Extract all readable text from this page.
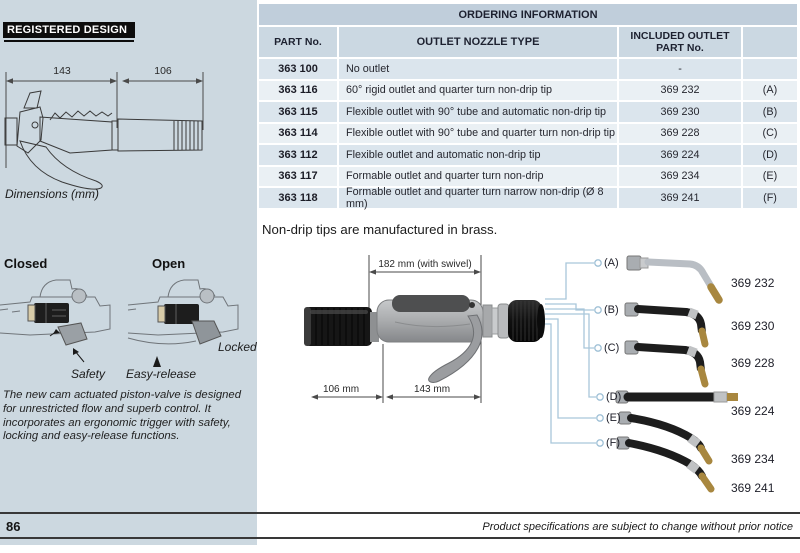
REGISTERED DESIGN
143	106
Dimensions (mm)
Closed	Open
Locked
Safety Easy-release
The new cam actuated piston-valve is designed for unrestricted flow and superb control. It incorporates an ergonomic trigger with safety, locking and easy-release functions.
ORDERING INFORMATION
PART No.	OUTLET NOZZLE TYPE	INCLUDED OUTLET PART No.
363 100	No outlet	-
363 116	60° rigid outlet and quarter turn non-drip tip	369 232	(A)
363 115	Flexible outlet with 90° tube and automatic non-drip tip	369 230	(B)
363 114	Flexible outlet with 90° tube and quarter turn non-drip tip	369 228	(C)
363 112	Flexible outlet and automatic non-drip tip	369 224	(D)
363 117	Formable outlet and quarter turn non-drip	369 234	(E)
363 118	Formable outlet and quarter turn narrow non-drip (Ø 8 mm)	369 241	(F)
Non-drip tips are manufactured in brass.
182 mm (with swivel)
106 mm	143 mm
(A)
(B)
(C)
(D)
(E)
(F)
369 232
369 230
369 228
369 224
369 234
369 241
86	Product specifications are subject to change without prior notice
